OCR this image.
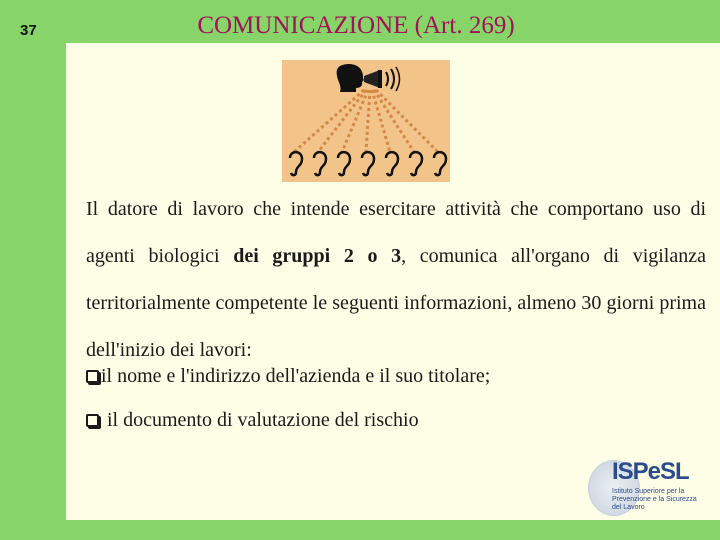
37	COMUNICAZIONE (Art. 269)
Il datore di lavoro che intende esercitare attività che comportano uso di agenti biologici dei gruppi 2 o 3, comunica all'organo di vigilanza territorialmente competente le seguenti informazioni, almeno 30 giorni prima dell'inizio dei lavori:
il nome e l'indirizzo dell'azienda e il suo titolare;
il documento di valutazione del rischio
ISPeSL
Istituto Superiore per la Prevenzione e la Sicurezza del Lavoro
